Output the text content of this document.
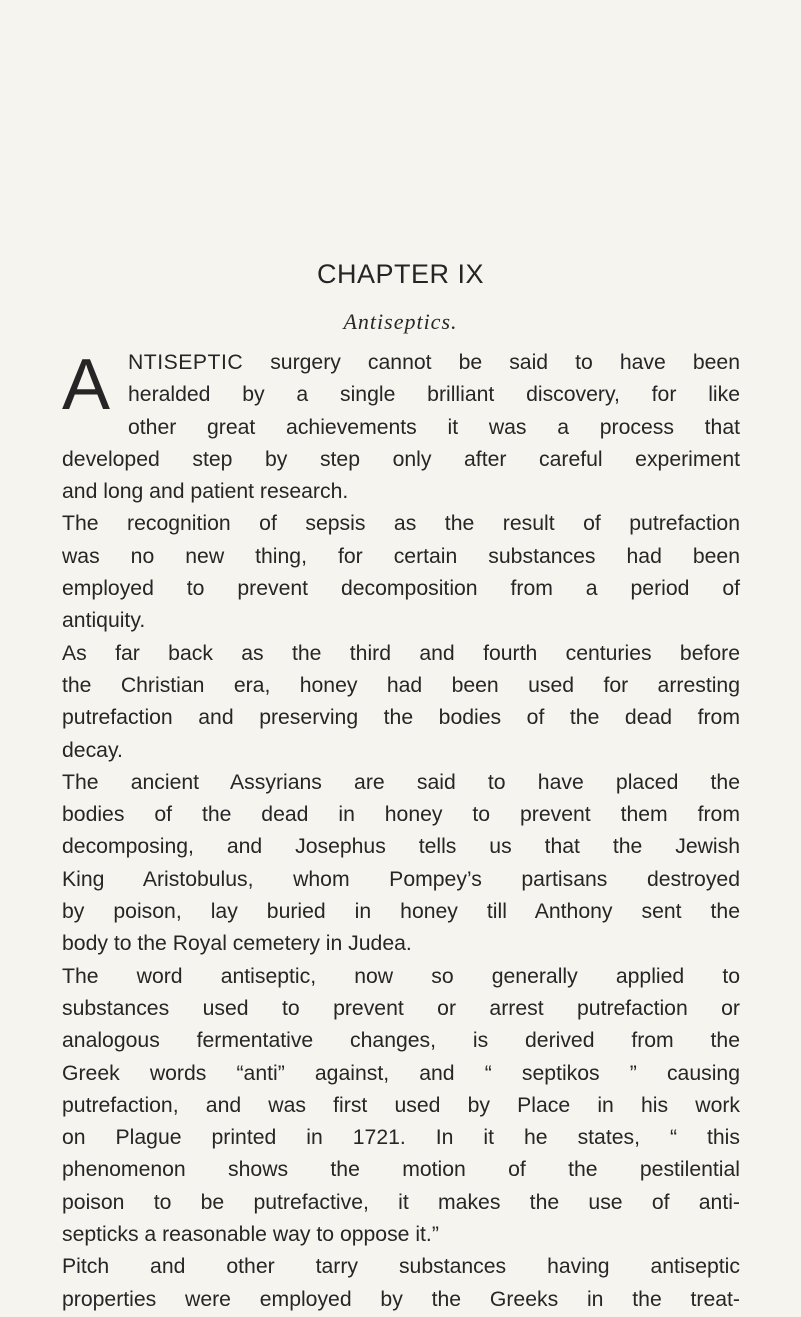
CHAPTER IX
Antiseptics.
A NTISEPTIC surgery cannot be said to have been
heralded by a single brilliant discovery, for like
other great achievements it was a process that
developed step by step only after careful experiment
and long and patient research.
The recognition of sepsis as the result of putrefaction
was no new thing, for certain substances had been
employed to prevent decomposition from a period of
antiquity.
As far back as the third and fourth centuries before
the Christian era, honey had been used for arresting
putrefaction and preserving the bodies of the dead from
decay.
The ancient Assyrians are said to have placed the
bodies of the dead in honey to prevent them from
decomposing, and Josephus tells us that the Jewish
King Aristobulus, whom Pompey’s partisans destroyed
by poison, lay buried in honey till Anthony sent the
body to the Royal cemetery in Judea.
The word antiseptic, now so generally applied to
substances used to prevent or arrest putrefaction or
analogous fermentative changes, is derived from the
Greek words “anti” against, and “ septikos ” causing
putrefaction, and was first used by Place in his work
on Plague printed in 1721. In it he states, “ this
phenomenon shows the motion of the pestilential
poison to be putrefactive, it makes the use of anti-
septicks a reasonable way to oppose it.”
Pitch and other tarry substances having antiseptic
properties were employed by the Greeks in the treat-
